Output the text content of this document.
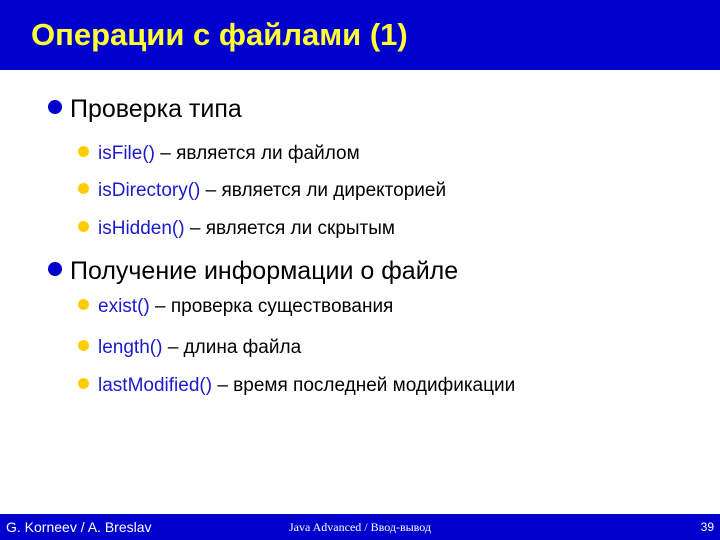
Операции с файлами (1)
Проверка типа
isFile() – является ли файлом
isDirectory() – является ли директорией
isHidden() – является ли скрытым
Получение информации о файле
exist() – проверка существования
length() – длина файла
lastModified() – время последней модификации
G. Korneev / A. Breslav	Java Advanced / Ввод-вывод	39
